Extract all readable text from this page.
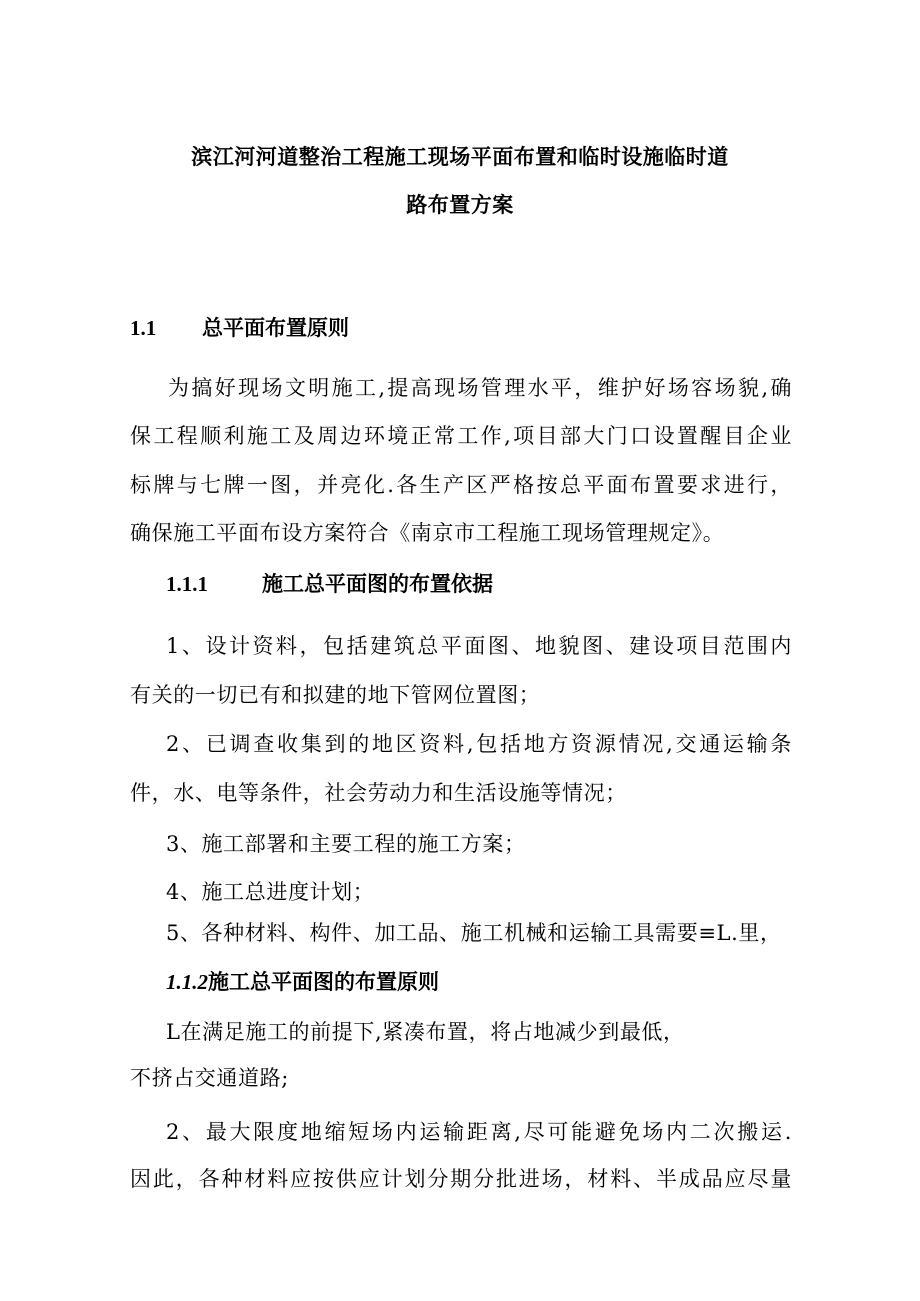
滨江河河道整治工程施工现场平面布置和临时设施临时道
路布置方案
1.1 总平面布置原则
为搞好现场文明施工,提高现场管理水平，维护好场容场貌,确
保工程顺利施工及周边环境正常工作,项目部大门口设置醒目企业
标牌与七牌一图，并亮化.各生产区严格按总平面布置要求进行，
确保施工平面布设方案符合《南京市工程施工现场管理规定》。
1.1.1	施工总平面图的布置依据
1、设计资料，包括建筑总平面图、地貌图、建设项目范围内
有关的一切已有和拟建的地下管网位置图；
2、已调查收集到的地区资料,包括地方资源情况,交通运输条
件，水、电等条件，社会劳动力和生活设施等情况；
3、施工部署和主要工程的施工方案；
4、施工总进度计划；
5、各种材料、构件、加工品、施工机械和运输工具需要≡L.里，
1.1.2施工总平面图的布置原则
L在满足施工的前提下,紧凑布置，将占地减少到最低，
不挤占交通道路;
2、最大限度地缩短场内运输距离,尽可能避免场内二次搬运.
因此，各种材料应按供应计划分期分批进场，材料、半成品应尽量
